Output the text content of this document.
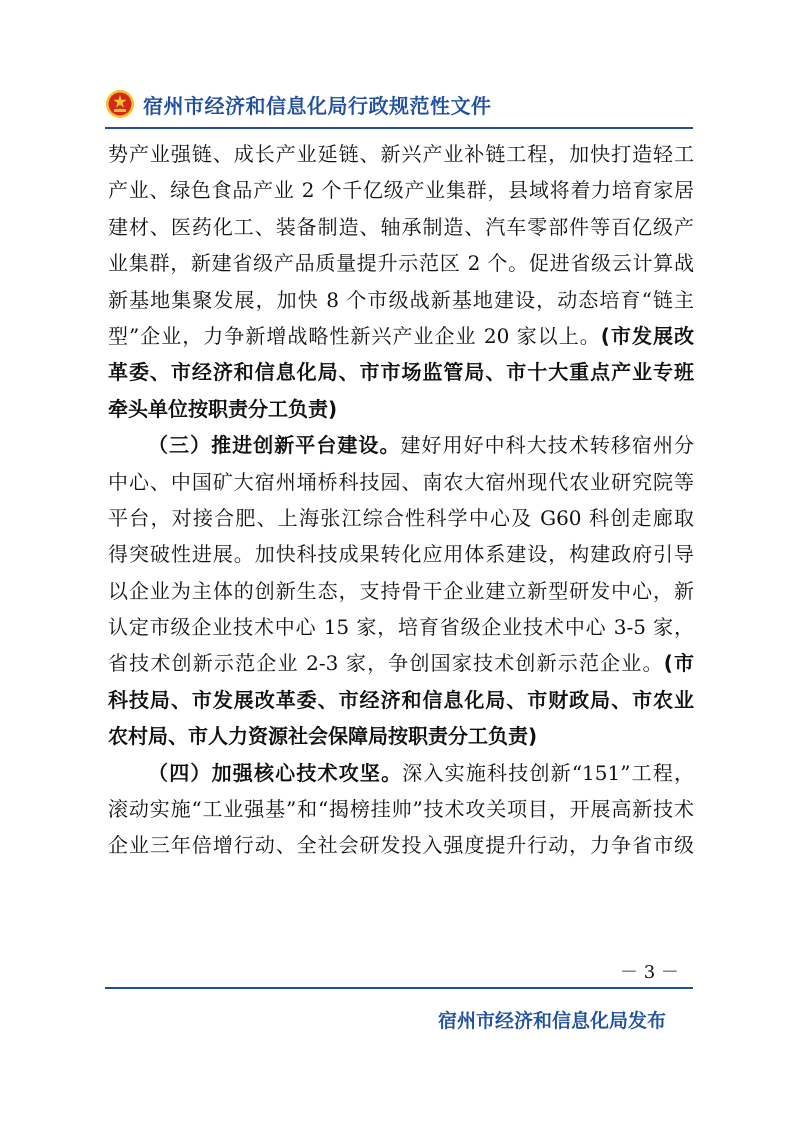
宿州市经济和信息化局行政规范性文件
势产业强链、成长产业延链、新兴产业补链工程，加快打造轻工
产业、绿色食品产业 2 个千亿级产业集群，县域将着力培育家居
建材、医药化工、装备制造、轴承制造、汽车零部件等百亿级产
业集群，新建省级产品质量提升示范区 2 个。促进省级云计算战
新基地集聚发展，加快 8 个市级战新基地建设，动态培育“链主
型”企业，力争新增战略性新兴产业企业 20 家以上。(市发展改
革委、市经济和信息化局、市市场监管局、市十大重点产业专班
牵头单位按职责分工负责)
（三）推进创新平台建设。建好用好中科大技术转移宿州分
中心、中国矿大宿州埇桥科技园、南农大宿州现代农业研究院等
平台，对接合肥、上海张江综合性科学中心及 G60 科创走廊取
得突破性进展。加快科技成果转化应用体系建设，构建政府引导
以企业为主体的创新生态，支持骨干企业建立新型研发中心，新
认定市级企业技术中心 15 家，培育省级企业技术中心 3-5 家，
省技术创新示范企业 2-3 家，争创国家技术创新示范企业。(市
科技局、市发展改革委、市经济和信息化局、市财政局、市农业
农村局、市人力资源社会保障局按职责分工负责)
（四）加强核心技术攻坚。深入实施科技创新“151”工程，
滚动实施“工业强基”和“揭榜挂帅”技术攻关项目，开展高新技术
企业三年倍增行动、全社会研发投入强度提升行动，力争省市级
－ 3 －
宿州市经济和信息化局发布
